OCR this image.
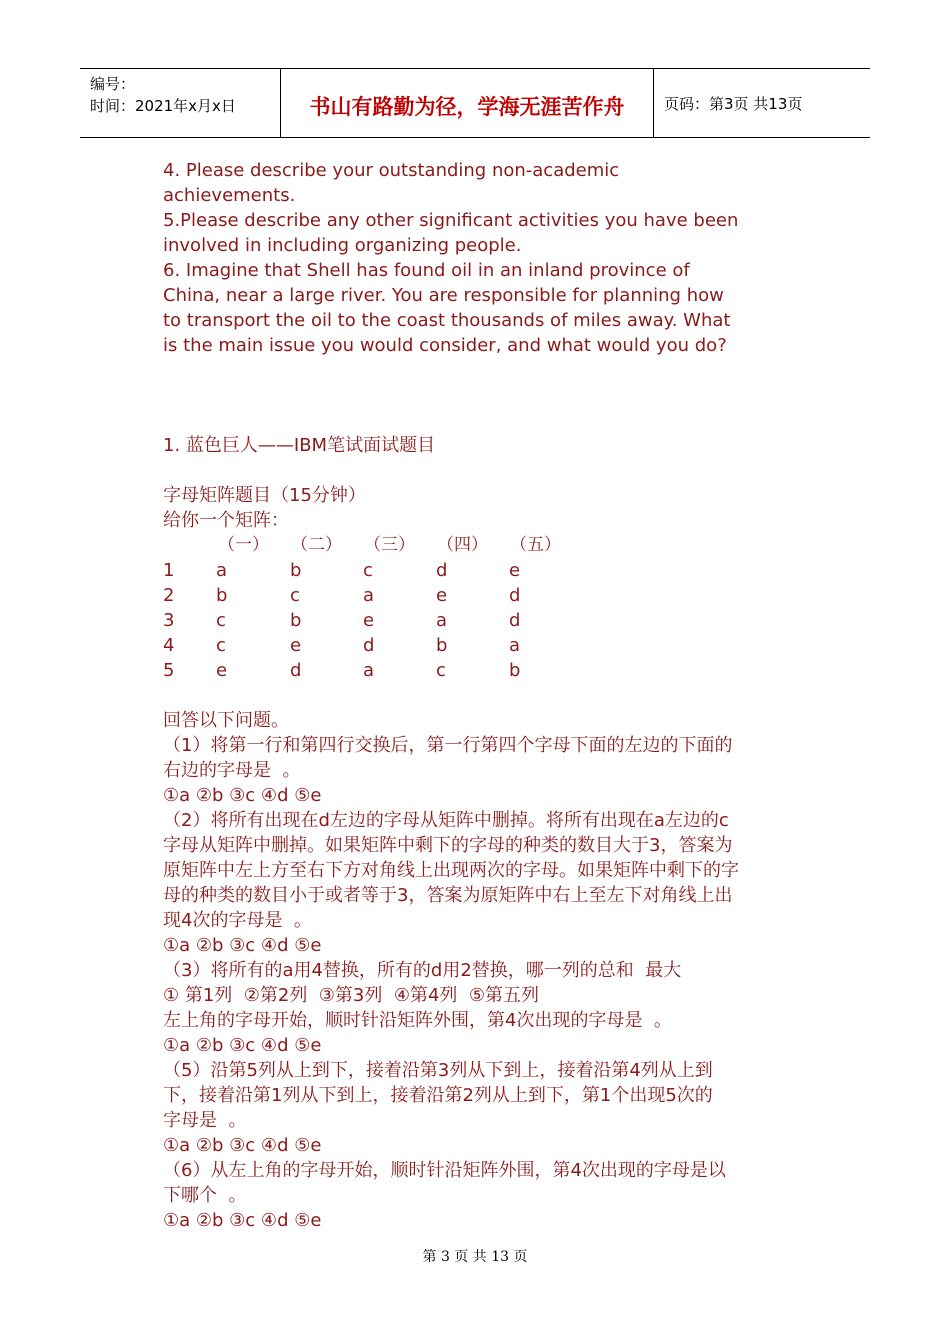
编号：
时间：2021年x月x日	书山有路勤为径，学海无涯苦作舟	页码：第3页 共13页
4. Please describe your outstanding non-academic
achievements.
5.Please describe any other significant activities you have been
involved in including organizing people.
6. Imagine that Shell has found oil in an inland province of
China, near a large river. You are responsible for planning how
to transport the oil to the coast thousands of miles away. What
is the main issue you would consider, and what would you do?
1. 蓝色巨人——IBM笔试面试题目
字母矩阵题目（15分钟）
给你一个矩阵：
（一） （二） （三） （四） （五）
1 a	b	c	d	e
2 b	c	a	e	d
3 c	b	e	a	d
4 c	e	d	b	a
5 e	d	a	c	b
回答以下问题。
（1）将第一行和第四行交换后，第一行第四个字母下面的左边的下面的
右边的字母是  。
①a ②b ③c ④d ⑤e
（2）将所有出现在d左边的字母从矩阵中删掉。将所有出现在a左边的c
字母从矩阵中删掉。如果矩阵中剩下的字母的种类的数目大于3，答案为
原矩阵中左上方至右下方对角线上出现两次的字母。如果矩阵中剩下的字
母的种类的数目小于或者等于3，答案为原矩阵中右上至左下对角线上出
现4次的字母是  。
①a ②b ③c ④d ⑤e
（3）将所有的a用4替换，所有的d用2替换，哪一列的总和  最大
① 第1列  ②第2列  ③第3列  ④第4列  ⑤第五列
左上角的字母开始，顺时针沿矩阵外围，第4次出现的字母是  。
①a ②b ③c ④d ⑤e
（5）沿第5列从上到下，接着沿第3列从下到上，接着沿第4列从上到
下，接着沿第1列从下到上，接着沿第2列从上到下，第1个出现5次的
字母是  。
①a ②b ③c ④d ⑤e
（6）从左上角的字母开始，顺时针沿矩阵外围，第4次出现的字母是以
下哪个  。
①a ②b ③c ④d ⑤e
第 3 页 共 13 页
